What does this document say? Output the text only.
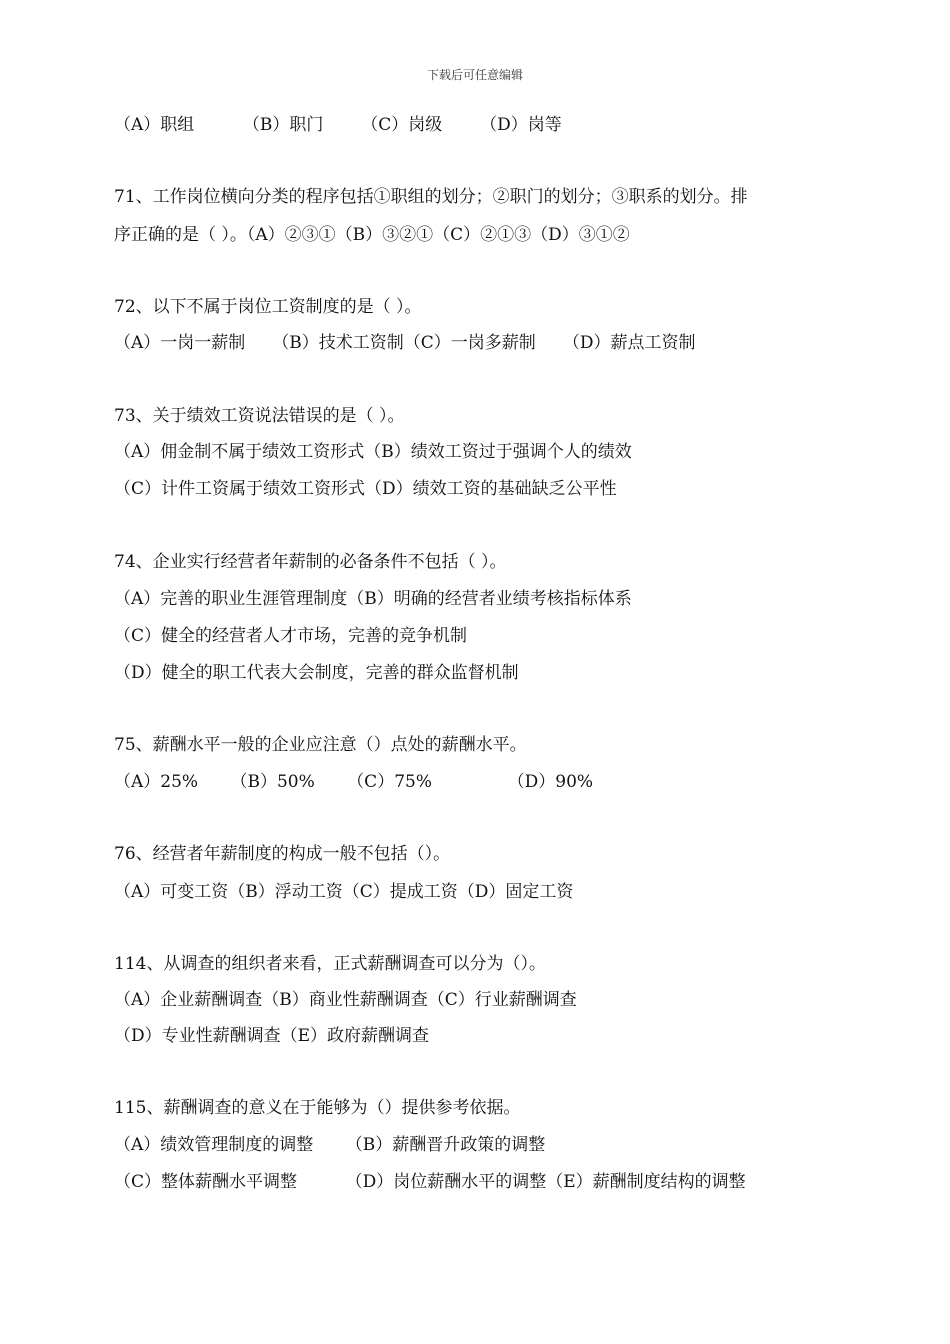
下载后可任意编辑
（A）职组         （B）职门       （C）岗级       （D）岗等
71、工作岗位横向分类的程序包括①职组的划分；②职门的划分；③职系的划分。排
序正确的是（ ）。（A）②③①（B）③②①（C）②①③（D）③①②
72、以下不属于岗位工资制度的是（ ）。
（A）一岗一薪制     （B）技术工资制（C）一岗多薪制     （D）薪点工资制
73、关于绩效工资说法错误的是（ ）。
（A）佣金制不属于绩效工资形式（B）绩效工资过于强调个人的绩效
（C）计件工资属于绩效工资形式（D）绩效工资的基础缺乏公平性
74、企业实行经营者年薪制的必备条件不包括（ ）。
（A）完善的职业生涯管理制度（B）明确的经营者业绩考核指标体系
（C）健全的经营者人才市场，完善的竞争机制
（D）健全的职工代表大会制度，完善的群众监督机制
75、薪酬水平一般的企业应注意（）点处的薪酬水平。
（A）25%      （B）50%      （C）75%              （D）90%
76、经营者年薪制度的构成一般不包括（）。
（A）可变工资（B）浮动工资（C）提成工资（D）固定工资
114、从调查的组织者来看，正式薪酬调查可以分为（）。
（A）企业薪酬调查（B）商业性薪酬调查（C）行业薪酬调查
（D）专业性薪酬调查（E）政府薪酬调查
115、薪酬调查的意义在于能够为（）提供参考依据。
（A）绩效管理制度的调整      （B）薪酬晋升政策的调整
（C）整体薪酬水平调整         （D）岗位薪酬水平的调整（E）薪酬制度结构的调整
